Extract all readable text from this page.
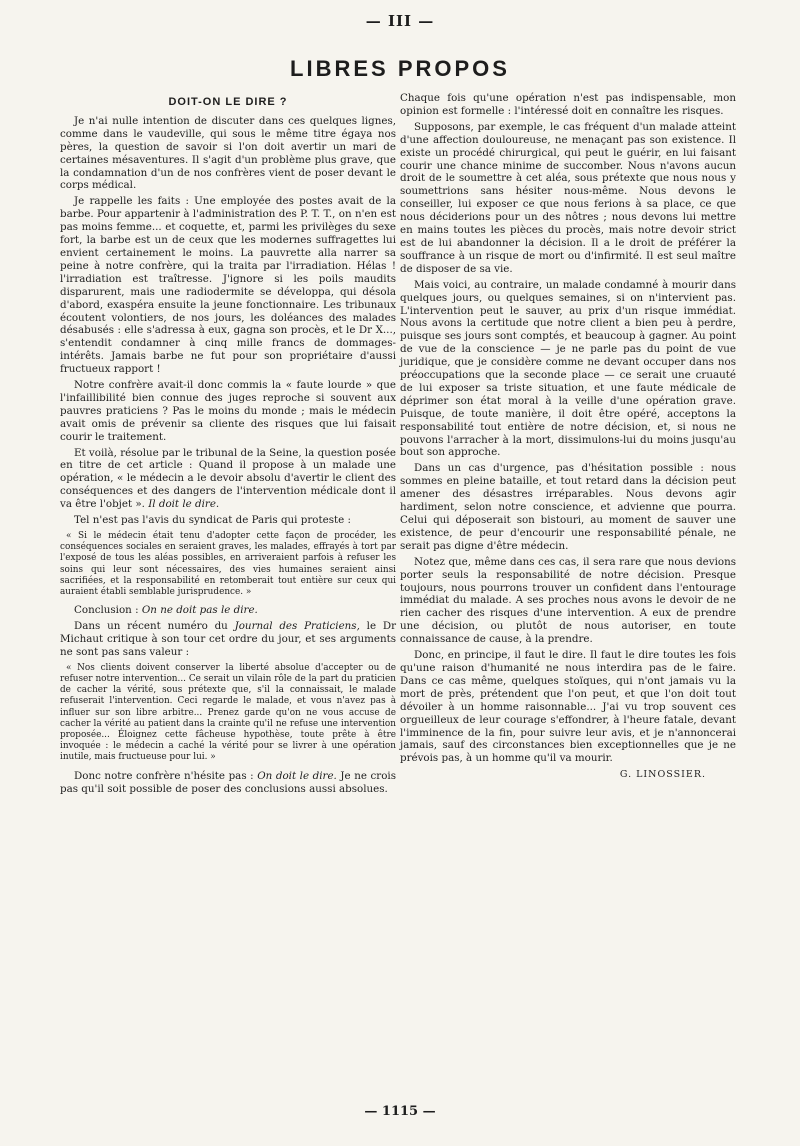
— III —
LIBRES PROPOS
DOIT-ON LE DIRE ?

Je n'ai nulle intention de discuter dans ces quelques lignes, comme dans le vaudeville, qui sous le même titre égaya nos pères, la question de savoir si l'on doit avertir un mari de certaines mésaventures. Il s'agit d'un problème plus grave, que la condamnation d'un de nos confrères vient de poser devant le corps médical.

Je rappelle les faits : Une employée des postes avait de la barbe. Pour appartenir à l'administration des P. T. T., on n'en est pas moins femme... et coquette, et, parmi les privilèges du sexe fort, la barbe est un de ceux que les modernes suffragettes lui envient certainement le moins. La pauvrette alla narrer sa peine à notre confrère, qui la traita par l'irradiation. Hélas ! l'irradiation est traîtresse. J'ignore si les poils maudits disparurent, mais une radiodermite se développa, qui désola d'abord, exaspéra ensuite la jeune fonctionnaire. Les tribunaux écoutent volontiers, de nos jours, les doléances des malades désabusés : elle s'adressa à eux, gagna son procès, et le Dr X..., s'entendit condamner à cinq mille francs de dommages-intérêts. Jamais barbe ne fut pour son propriétaire d'aussi fructueux rapport !

Notre confrère avait-il donc commis la « faute lourde » que l'infaillibilité bien connue des juges reproche si souvent aux pauvres praticiens ? Pas le moins du monde ; mais le médecin avait omis de prévenir sa cliente des risques que lui faisait courir le traitement.

Et voilà, résolue par le tribunal de la Seine, la question posée en titre de cet article : Quand il propose à un malade une opération, « le médecin a le devoir absolu d'avertir le client des conséquences et des dangers de l'intervention médicale dont il va être l'objet ». Il doit le dire.

Tel n'est pas l'avis du syndicat de Paris qui proteste :

« Si le médecin était tenu d'adopter cette façon de procéder, les conséquences sociales en seraient graves, les malades, effrayés à tort par l'exposé de tous les aléas possibles, en arriveraient parfois à refuser les soins qui leur sont nécessaires, des vies humaines seraient ainsi sacrifiées, et la responsabilité en retomberait tout entière sur ceux qui auraient établi semblable jurisprudence. »

Conclusion : On ne doit pas le dire.

Dans un récent numéro du Journal des Praticiens, le Dr Michaut critique à son tour cet ordre du jour, et ses arguments ne sont pas sans valeur :

« Nos clients doivent conserver la liberté absolue d'accepter ou de refuser notre intervention... Ce serait un vilain rôle de la part du praticien de cacher la vérité, sous prétexte que, s'il la connaissait, le malade refuserait l'intervention. Ceci regarde le malade, et vous n'avez pas à influer sur son libre arbitre... Prenez garde qu'on ne vous accuse de cacher la vérité au patient dans la crainte qu'il ne refuse une intervention proposée... Éloignez cette fâcheuse hypothèse, toute prête à être invoquée : le médecin a caché la vérité pour se livrer à une opération inutile, mais fructueuse pour lui. »

Donc notre confrère n'hésite pas : On doit le dire. Je ne crois pas qu'il soit possible de poser des conclusions aussi absolues.

Chaque fois qu'une opération n'est pas indispensable, mon opinion est formelle : l'intéressé doit en connaître les risques.

Supposons, par exemple, le cas fréquent d'un malade atteint d'une affection douloureuse, ne menaçant pas son existence. Il existe un procédé chirurgical, qui peut le guérir, en lui faisant courir une chance minime de succomber. Nous n'avons aucun droit de le soumettre à cet aléa, sous prétexte que nous nous y soumettrions sans hésiter nous-même. Nous devons le conseiller, lui exposer ce que nous ferions à sa place, ce que nous déciderions pour un des nôtres ; nous devons lui mettre en mains toutes les pièces du procès, mais notre devoir strict est de lui abandonner la décision. Il a le droit de préférer la souffrance à un risque de mort ou d'infirmité. Il est seul maître de disposer de sa vie.

Mais voici, au contraire, un malade condamné à mourir dans quelques jours, ou quelques semaines, si on n'intervient pas. L'intervention peut le sauver, au prix d'un risque immédiat. Nous avons la certitude que notre client a bien peu à perdre, puisque ses jours sont comptés, et beaucoup à gagner. Au point de vue de la conscience — je ne parle pas du point de vue juridique, que je considère comme ne devant occuper dans nos préoccupations que la seconde place — ce serait une cruauté de lui exposer sa triste situation, et une faute médicale de déprimer son état moral à la veille d'une opération grave. Puisque, de toute manière, il doit être opéré, acceptons la responsabilité tout entière de notre décision, et, si nous ne pouvons l'arracher à la mort, dissimulons-lui du moins jusqu'au bout son approche.

Dans un cas d'urgence, pas d'hésitation possible : nous sommes en pleine bataille, et tout retard dans la décision peut amener des désastres irréparables. Nous devons agir hardiment, selon notre conscience, et advienne que pourra. Celui qui déposerait son bistouri, au moment de sauver une existence, de peur d'encourir une responsabilité pénale, ne serait pas digne d'être médecin.

Notez que, même dans ces cas, il sera rare que nous devions porter seuls la responsabilité de notre décision. Presque toujours, nous pourrons trouver un confident dans l'entourage immédiat du malade. A ses proches nous avons le devoir de ne rien cacher des risques d'une intervention. A eux de prendre une décision, ou plutôt de nous autoriser, en toute connaissance de cause, à la prendre.

Donc, en principe, il faut le dire. Il faut le dire toutes les fois qu'une raison d'humanité ne nous interdira pas de le faire. Dans ce cas même, quelques stoïques, qui n'ont jamais vu la mort de près, prétendent que l'on peut, et que l'on doit tout dévoiler à un homme raisonnable... J'ai vu trop souvent ces orgueilleux de leur courage s'effondrer, à l'heure fatale, devant l'imminence de la fin, pour suivre leur avis, et je n'annoncerai jamais, sauf des circonstances bien exceptionnelles que je ne prévois pas, à un homme qu'il va mourir.

G. LINOSSIER.
— 1115 —
